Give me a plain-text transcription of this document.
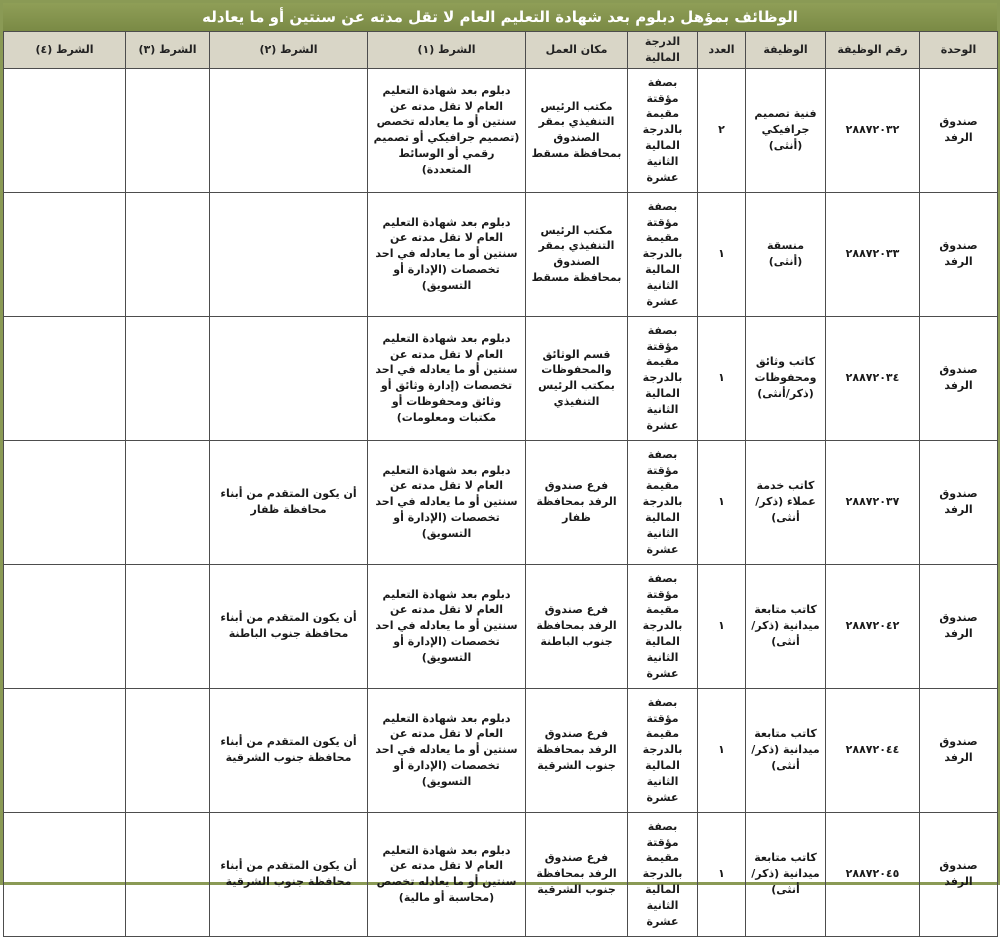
الوظائف بمؤهل دبلوم بعد شهادة التعليم العام لا تقل مدته عن سنتين أو ما يعادله
الوحدة	رقم الوظيفة	الوظيفة	العدد	الدرجة المالية	مكان العمل	الشرط (١)	الشرط (٢)	الشرط (٣)	الشرط (٤)
صندوق الرفد	٢٨٨٧٢٠٣٢	فنية تصميم جرافيكي (أنثى)	٢	بصفة مؤقتة مقيمة بالدرجة المالية الثانية عشرة	مكتب الرئيس التنفيذي بمقر الصندوق بمحافظة مسقط	دبلوم بعد شهادة التعليم العام لا تقل مدته عن سنتين أو ما يعادله تخصص (تصميم جرافيكي أو تصميم رقمي أو الوسائط المتعددة)			
صندوق الرفد	٢٨٨٧٢٠٣٣	منسقة (أنثى)	١	بصفة مؤقتة مقيمة بالدرجة المالية الثانية عشرة	مكتب الرئيس التنفيذي بمقر الصندوق بمحافظة مسقط	دبلوم بعد شهادة التعليم العام لا تقل مدته عن سنتين أو ما يعادله في احد تخصصات (الإدارة أو التسويق)			
صندوق الرفد	٢٨٨٧٢٠٣٤	كاتب وثائق ومحفوظات (ذكر/أنثى)	١	بصفة مؤقتة مقيمة بالدرجة المالية الثانية عشرة	قسم الوثائق والمحفوظات بمكتب الرئيس التنفيذي	دبلوم بعد شهادة التعليم العام لا تقل مدته عن سنتين أو ما يعادله في احد تخصصات (إدارة وثائق أو وثائق ومحفوظات أو مكتبات ومعلومات)			
صندوق الرفد	٢٨٨٧٢٠٣٧	كاتب خدمة عملاء (ذكر/أنثى)	١	بصفة مؤقتة مقيمة بالدرجة المالية الثانية عشرة	فرع صندوق الرفد بمحافظة ظفار	دبلوم بعد شهادة التعليم العام لا تقل مدته عن سنتين أو ما يعادله في احد تخصصات (الإدارة أو التسويق)	أن يكون المتقدم من أبناء محافظة ظفار		
صندوق الرفد	٢٨٨٧٢٠٤٢	كاتب متابعة ميدانية (ذكر/أنثى)	١	بصفة مؤقتة مقيمة بالدرجة المالية الثانية عشرة	فرع صندوق الرفد بمحافظة جنوب الباطنة	دبلوم بعد شهادة التعليم العام لا تقل مدته عن سنتين أو ما يعادله في احد تخصصات (الإدارة أو التسويق)	أن يكون المتقدم من أبناء محافظة جنوب الباطنة		
صندوق الرفد	٢٨٨٧٢٠٤٤	كاتب متابعة ميدانية (ذكر/أنثى)	١	بصفة مؤقتة مقيمة بالدرجة المالية الثانية عشرة	فرع صندوق الرفد بمحافظة جنوب الشرقية	دبلوم بعد شهادة التعليم العام لا تقل مدته عن سنتين أو ما يعادله في احد تخصصات (الإدارة أو التسويق)	أن يكون المتقدم من أبناء محافظة جنوب الشرقية		
صندوق الرفد	٢٨٨٧٢٠٤٥	كاتب متابعة ميدانية (ذكر/أنثى)	١	بصفة مؤقتة مقيمة بالدرجة المالية الثانية عشرة	فرع صندوق الرفد بمحافظة جنوب الشرقية	دبلوم بعد شهادة التعليم العام لا تقل مدته عن سنتين أو ما يعادله تخصص (محاسبة أو مالية)	أن يكون المتقدم من أبناء محافظة جنوب الشرقية		
